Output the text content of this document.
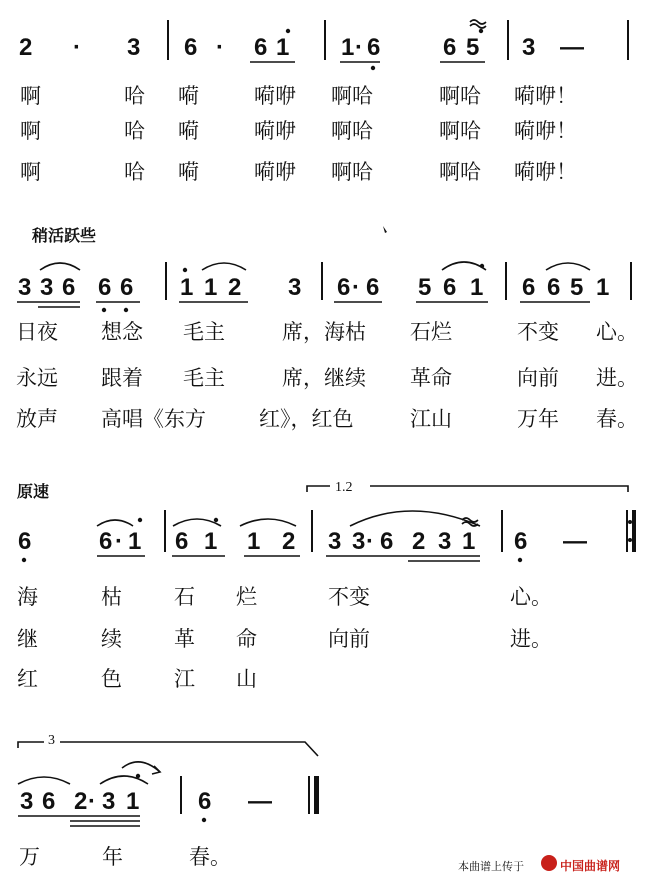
2 · 3 6 · 6 1 1 · 6	6 5 3 —
啊	哈 嗬	嗬咿 啊哈	啊哈 嗬咿！
啊	哈 嗬	嗬咿 啊哈	啊哈 嗬咿！
啊	哈 嗬	嗬咿 啊哈	啊哈 嗬咿！
稍活跃些
3 3 6 6 6 1 1 2 3 6 · 6 5 6 1 6 6 5 1
日夜 想念 毛主	席，海枯 石烂	不变 心。
永远 跟着 毛主	席，继续 革命	向前 进。
放声 高唱《东方	红》，红色	江山	万年 春。
原速	1.2
6	6 · 1 6 1 1 2 3 3 · 6 2 3 1 6 —
海	枯 石 烂	不变	心。
继	续 革 命	向前	进。
红	色 江 山
3
3 6 2 · 3 1 6 —
万	年	春。	本曲谱上传于	中国曲谱网
